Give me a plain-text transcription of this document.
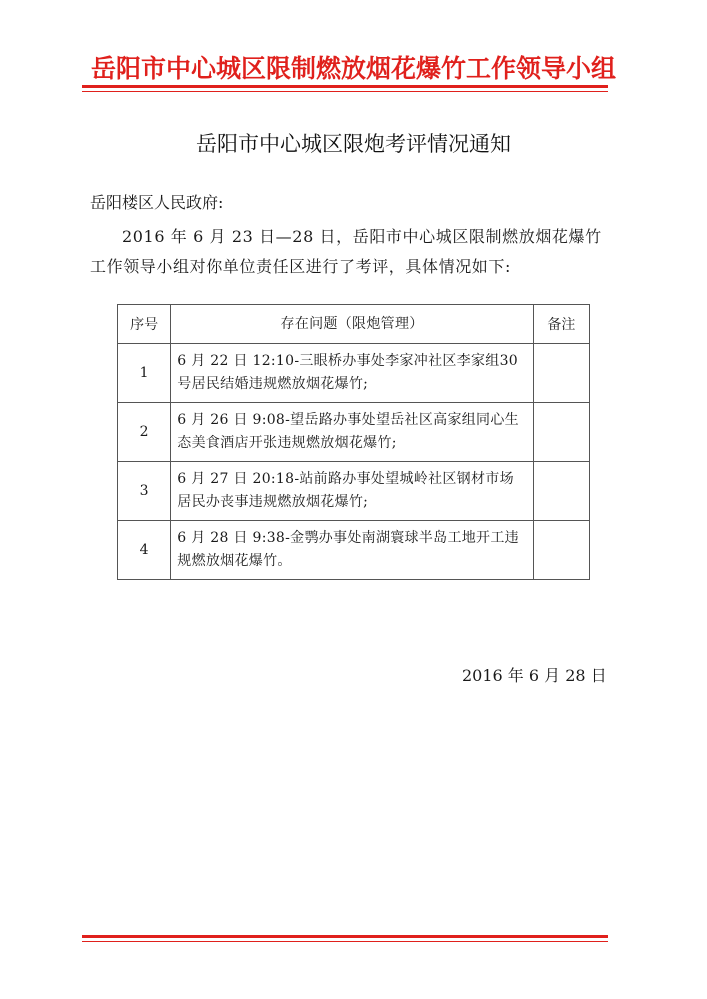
岳阳市中心城区限制燃放烟花爆竹工作领导小组
岳阳市中心城区限炮考评情况通知
岳阳楼区人民政府:
2016 年 6 月 23 日—28 日，岳阳市中心城区限制燃放烟花爆竹工作领导小组对你单位责任区进行了考评，具体情况如下:
序号	存在问题（限炮管理）	备注
1	6 月 22 日 12:10-三眼桥办事处李家冲社区李家组30 号居民结婚违规燃放烟花爆竹;	
2	6 月 26 日 9:08-望岳路办事处望岳社区高家组同心生态美食酒店开张违规燃放烟花爆竹;	
3	6 月 27 日 20:18-站前路办事处望城岭社区钢材市场居民办丧事违规燃放烟花爆竹;	
4	6 月 28 日 9:38-金鹗办事处南湖寰球半岛工地开工违规燃放烟花爆竹。	
2016 年 6 月 28 日
